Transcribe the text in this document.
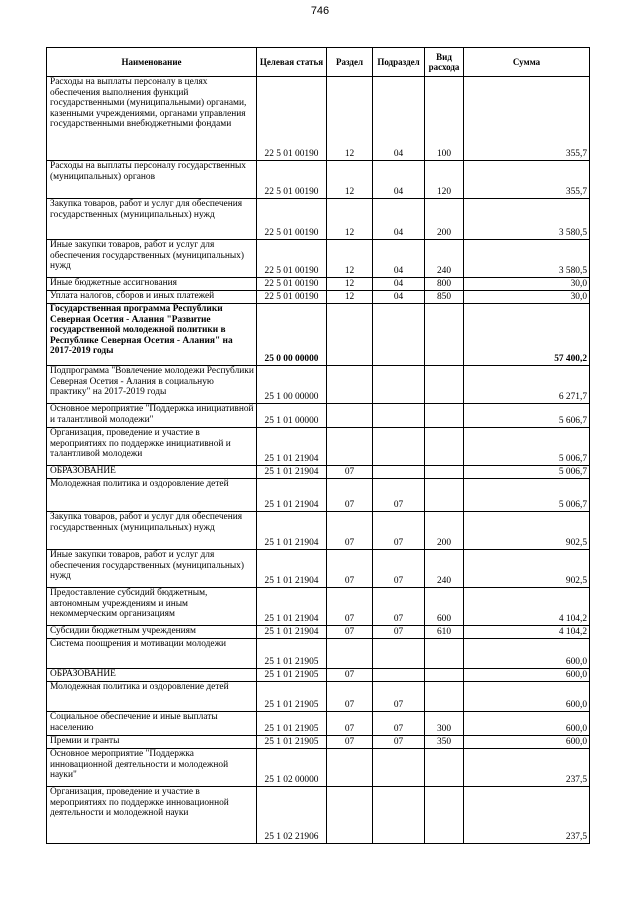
746
Наименование	Целевая статья	Раздел	Подраздел	Вид расхода	Сумма
Расходы на выплаты персоналу в целях обеспечения выполнения функций государственными (муниципальными) органами, казенными учреждениями, органами управления государственными внебюджетными фондами	22 5 01 00190	12	04	100	355,7
Расходы на выплаты персоналу государственных (муниципальных) органов	22 5 01 00190	12	04	120	355,7
Закупка товаров, работ и услуг для обеспечения государственных (муниципальных) нужд	22 5 01 00190	12	04	200	3 580,5
Иные закупки товаров, работ и услуг для обеспечения государственных (муниципальных) нужд	22 5 01 00190	12	04	240	3 580,5
Иные бюджетные ассигнования	22 5 01 00190	12	04	800	30,0
Уплата налогов, сборов и иных платежей	22 5 01 00190	12	04	850	30,0
Государственная программа Республики Северная Осетия - Алания "Развитие государственной молодежной политики в Республике Северная Осетия - Алания" на 2017-2019 годы	25 0 00 00000				57 400,2
Подпрограмма "Вовлечение молодежи Республики Северная Осетия - Алания в социальную практику" на 2017-2019 годы	25 1 00 00000				6 271,7
Основное мероприятие "Поддержка инициативной и талантливой молодежи"	25 1 01 00000				5 606,7
Организация, проведение и участие в мероприятиях по поддержке инициативной и талантливой молодежи	25 1 01 21904				5 006,7
ОБРАЗОВАНИЕ	25 1 01 21904	07			5 006,7
Молодежная политика и оздоровление детей	25 1 01 21904	07	07		5 006,7
Закупка товаров, работ и услуг для обеспечения государственных (муниципальных) нужд	25 1 01 21904	07	07	200	902,5
Иные закупки товаров, работ и услуг для обеспечения государственных (муниципальных) нужд	25 1 01 21904	07	07	240	902,5
Предоставление субсидий бюджетным, автономным учреждениям и иным некоммерческим организациям	25 1 01 21904	07	07	600	4 104,2
Субсидии бюджетным учреждениям	25 1 01 21904	07	07	610	4 104,2
Система поощрения и мотивации молодежи	25 1 01 21905				600,0
ОБРАЗОВАНИЕ	25 1 01 21905	07			600,0
Молодежная политика и оздоровление детей	25 1 01 21905	07	07		600,0
Социальное обеспечение и иные выплаты населению	25 1 01 21905	07	07	300	600,0
Премии и гранты	25 1 01 21905	07	07	350	600,0
Основное мероприятие "Поддержка инновационной деятельности и молодежной науки"	25 1 02 00000				237,5
Организация, проведение и участие в мероприятиях по поддержке инновационной деятельности и молодежной науки	25 1 02 21906				237,5
